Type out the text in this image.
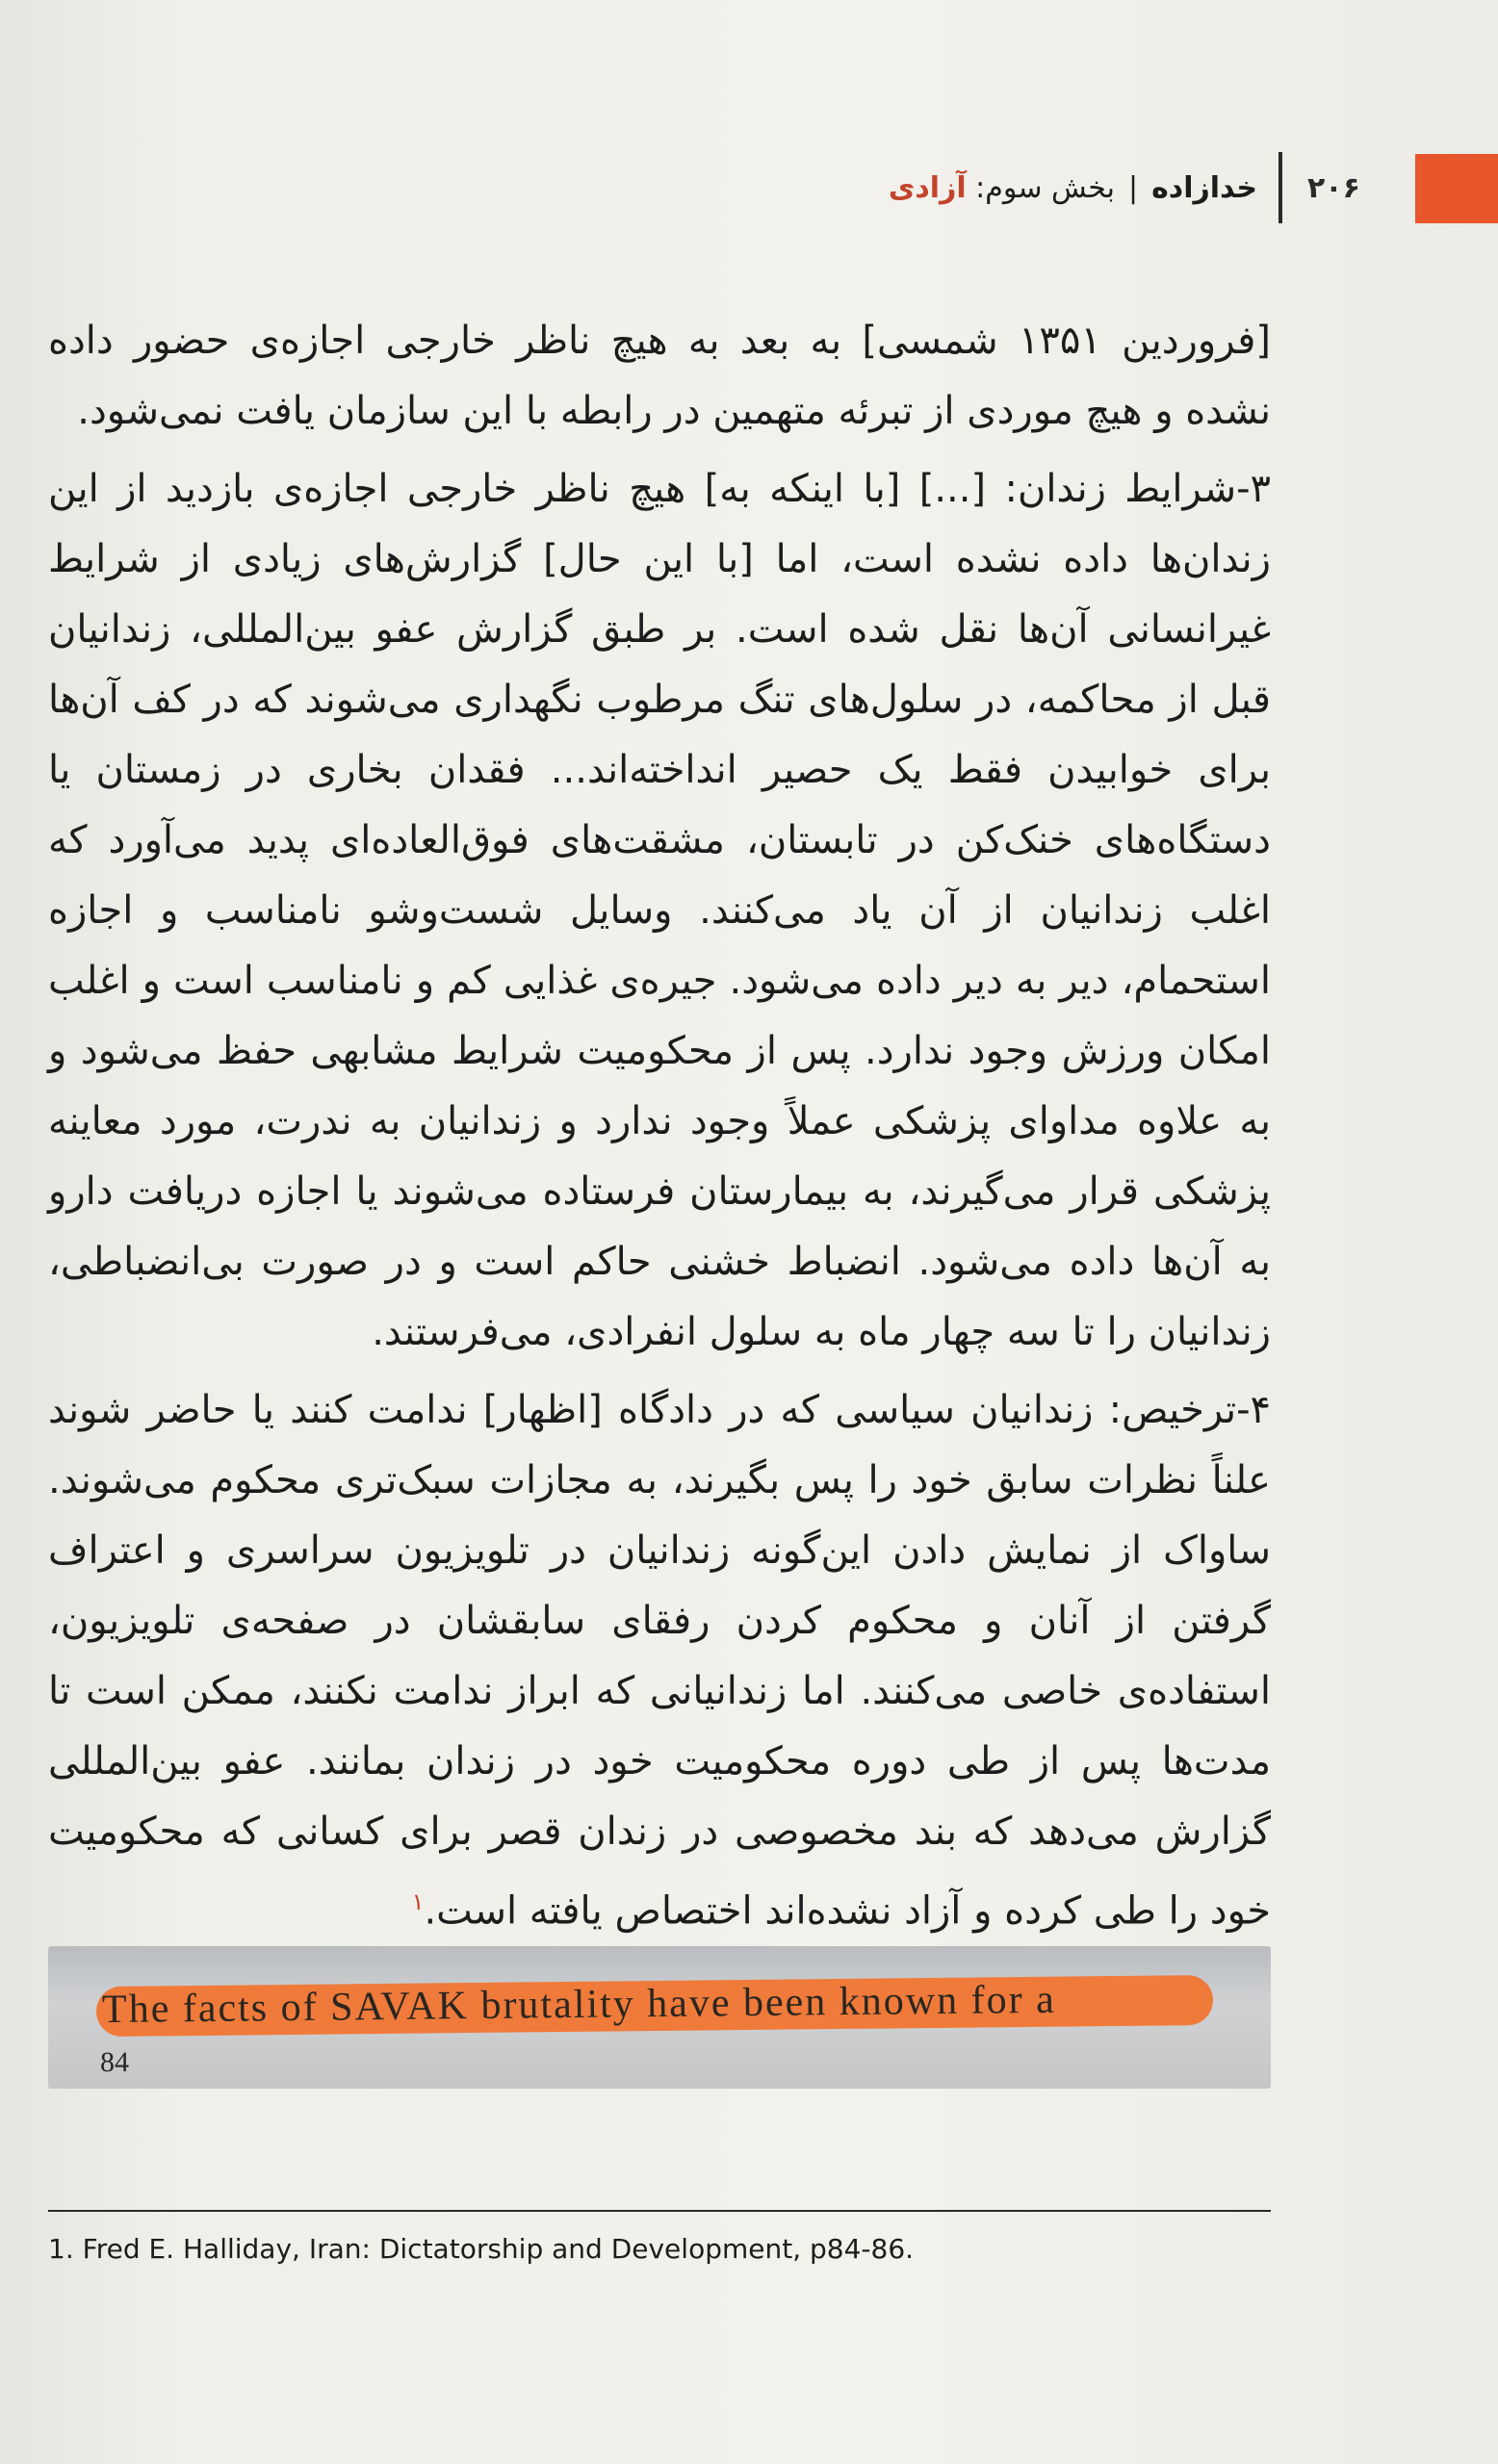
۲۰۶
خدازاده|بخش سوم: آزادی

[فروردین ۱۳۵۱ شمسی] به بعد به هیچ ناظر خارجی اجازه‌ی حضور داده نشده و هیچ موردی از تبرئه متهمین در رابطه با این سازمان یافت نمی‌شود.

۳-شرایط زندان: [...] [با اینکه به] هیچ ناظر خارجی اجازه‌ی بازدید از این زندان‌ها داده نشده است، اما [با این حال] گزارش‌های زیادی از شرایط غیرانسانی آن‌ها نقل شده است. بر طبق گزارش عفو بین‌المللی، زندانیان قبل از محاکمه، در سلول‌های تنگ مرطوب نگهداری می‌شوند که در کف آن‌ها برای خوابیدن فقط یک حصیر انداخته‌اند... فقدان بخاری در زمستان یا دستگاه‌های خنک‌کن در تابستان، مشقت‌های فوق‌العاده‌ای پدید می‌آورد که اغلب زندانیان از آن یاد می‌کنند. وسایل شست‌وشو نامناسب و اجازه استحمام، دیر به دیر داده می‌شود. جیره‌ی غذایی کم و نامناسب است و اغلب امکان ورزش وجود ندارد. پس از محکومیت شرایط مشابهی حفظ می‌شود و به علاوه مداوای پزشکی عملاً وجود ندارد و زندانیان به ندرت، مورد معاینه پزشکی قرار می‌گیرند، به بیمارستان فرستاده می‌شوند یا اجازه دریافت دارو به آن‌ها داده می‌شود. انضباط خشنی حاکم است و در صورت بی‌انضباطی، زندانیان را تا سه چهار ماه به سلول انفرادی، می‌فرستند.

۴-ترخیص: زندانیان سیاسی که در دادگاه [اظهار] ندامت کنند یا حاضر شوند علناً نظرات سابق خود را پس بگیرند، به مجازات سبک‌تری محکوم می‌شوند. ساواک از نمایش دادن این‌گونه زندانیان در تلویزیون سراسری و اعتراف گرفتن از آنان و محکوم کردن رفقای سابقشان در صفحه‌ی تلویزیون، استفاده‌ی خاصی می‌کنند. اما زندانیانی که ابراز ندامت نکنند، ممکن است تا مدت‌ها پس از طی دوره محکومیت خود در زندان بمانند. عفو بین‌المللی گزارش می‌دهد که بند مخصوصی در زندان قصر برای کسانی که محکومیت خود را طی کرده و آزاد نشده‌اند اختصاص یافته است.$^۱$

The facts of SAVAK brutality have been known for a
84
1. Fred E. Halliday, Iran: Dictatorship and Development, p84-86.
